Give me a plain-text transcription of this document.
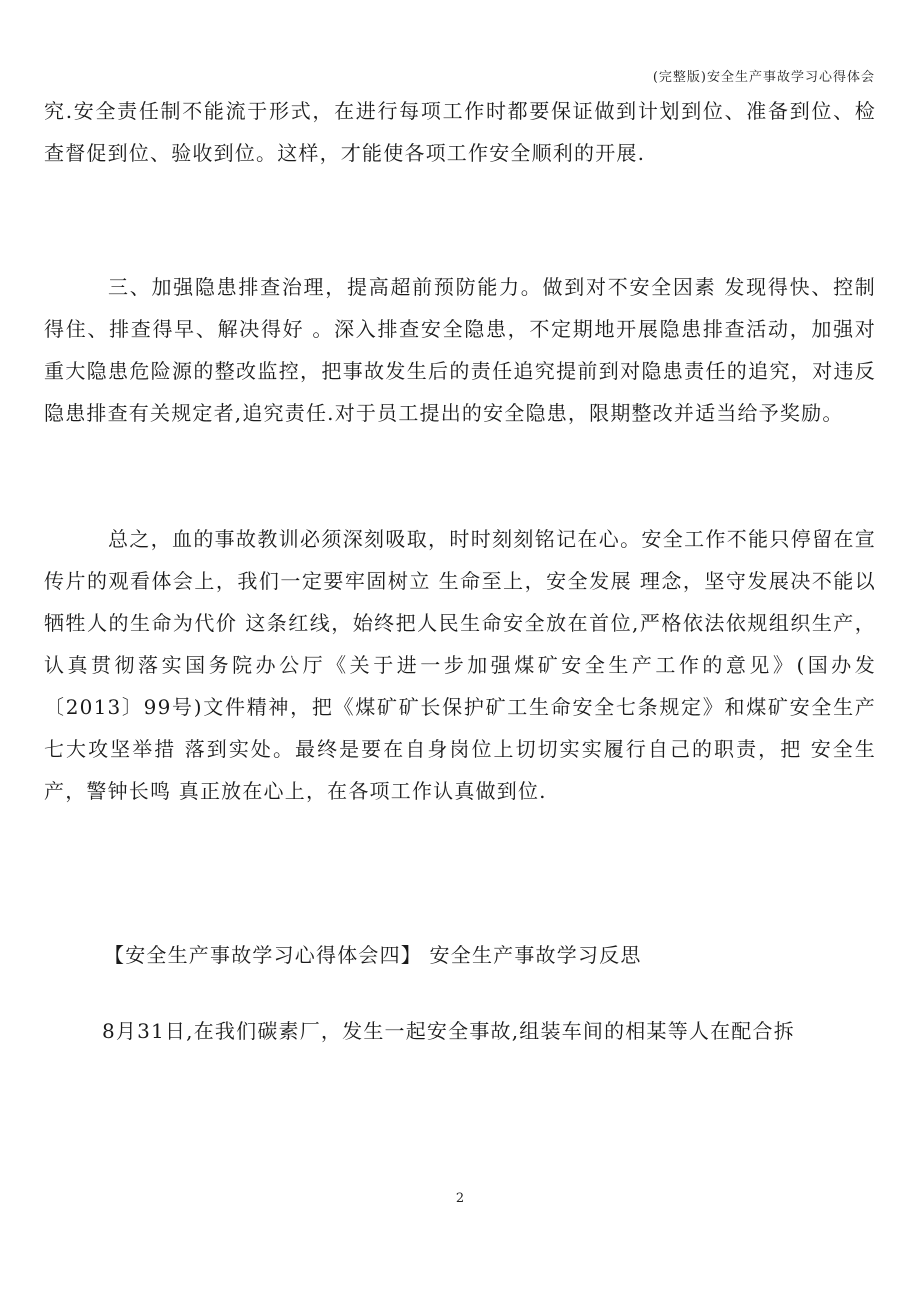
(完整版)安全生产事故学习心得体会

究.安全责任制不能流于形式，在进行每项工作时都要保证做到计划到位、准备到位、检查督促到位、验收到位。这样，才能使各项工作安全顺利的开展.

三、加强隐患排查治理，提高超前预防能力。做到对不安全因素 发现得快、控制得住、排查得早、解决得好 。深入排查安全隐患，不定期地开展隐患排查活动，加强对重大隐患危险源的整改监控，把事故发生后的责任追究提前到对隐患责任的追究，对违反隐患排查有关规定者,追究责任.对于员工提出的安全隐患，限期整改并适当给予奖励。

总之，血的事故教训必须深刻吸取，时时刻刻铭记在心。安全工作不能只停留在宣传片的观看体会上，我们一定要牢固树立 生命至上，安全发展 理念，坚守发展决不能以牺牲人的生命为代价 这条红线，始终把人民生命安全放在首位,严格依法依规组织生产，认真贯彻落实国务院办公厅《关于进一步加强煤矿安全生产工作的意见》(国办发〔2013〕99号)文件精神，把《煤矿矿长保护矿工生命安全七条规定》和煤矿安全生产 七大攻坚举措 落到实处。最终是要在自身岗位上切切实实履行自己的职责，把 安全生产，警钟长鸣 真正放在心上，在各项工作认真做到位.

【安全生产事故学习心得体会四】 安全生产事故学习反思

8月31日,在我们碳素厂，发生一起安全事故,组装车间的相某等人在配合拆

2
